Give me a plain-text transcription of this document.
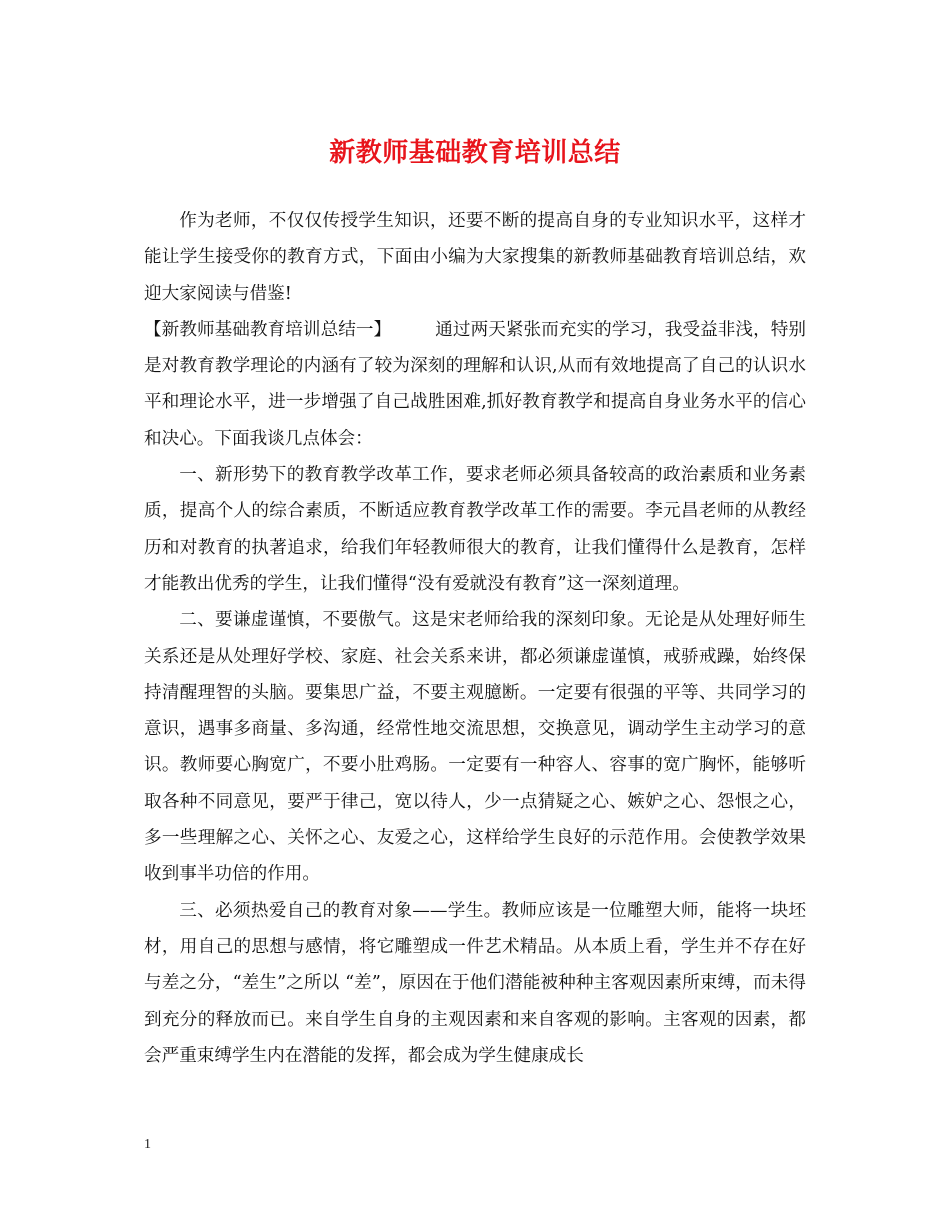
新教师基础教育培训总结

作为老师，不仅仅传授学生知识，还要不断的提高自身的专业知识水平，这样才能让学生接受你的教育方式，下面由小编为大家搜集的新教师基础教育培训总结，欢迎大家阅读与借鉴!

【新教师基础教育培训总结一】	通过两天紧张而充实的学习，我受益非浅，特别是对教育教学理论的内涵有了较为深刻的理解和认识,从而有效地提高了自己的认识水平和理论水平，进一步增强了自己战胜困难,抓好教育教学和提高自身业务水平的信心和决心。下面我谈几点体会：

一、新形势下的教育教学改革工作，要求老师必须具备较高的政治素质和业务素质，提高个人的综合素质，不断适应教育教学改革工作的需要。李元昌老师的从教经历和对教育的执著追求，给我们年轻教师很大的教育，让我们懂得什么是教育，怎样才能教出优秀的学生，让我们懂得“没有爱就没有教育”这一深刻道理。

二、要谦虚谨慎，不要傲气。这是宋老师给我的深刻印象。无论是从处理好师生关系还是从处理好学校、家庭、社会关系来讲，都必须谦虚谨慎，戒骄戒躁，始终保持清醒理智的头脑。要集思广益，不要主观臆断。一定要有很强的平等、共同学习的意识，遇事多商量、多沟通，经常性地交流思想，交换意见，调动学生主动学习的意识。教师要心胸宽广，不要小肚鸡肠。一定要有一种容人、容事的宽广胸怀，能够听取各种不同意见，要严于律己，宽以待人，少一点猜疑之心、嫉妒之心、怨恨之心，多一些理解之心、关怀之心、友爱之心，这样给学生良好的示范作用。会使教学效果收到事半功倍的作用。

三、必须热爱自己的教育对象——学生。教师应该是一位雕塑大师，能将一块坯材，用自己的思想与感情，将它雕塑成一件艺术精品。从本质上看，学生并不存在好与差之分，“差生”之所以 “差”，原因在于他们潜能被种种主客观因素所束缚，而未得到充分的释放而已。来自学生自身的主观因素和来自客观的影响。主客观的因素，都会严重束缚学生内在潜能的发挥，都会成为学生健康成长

1
